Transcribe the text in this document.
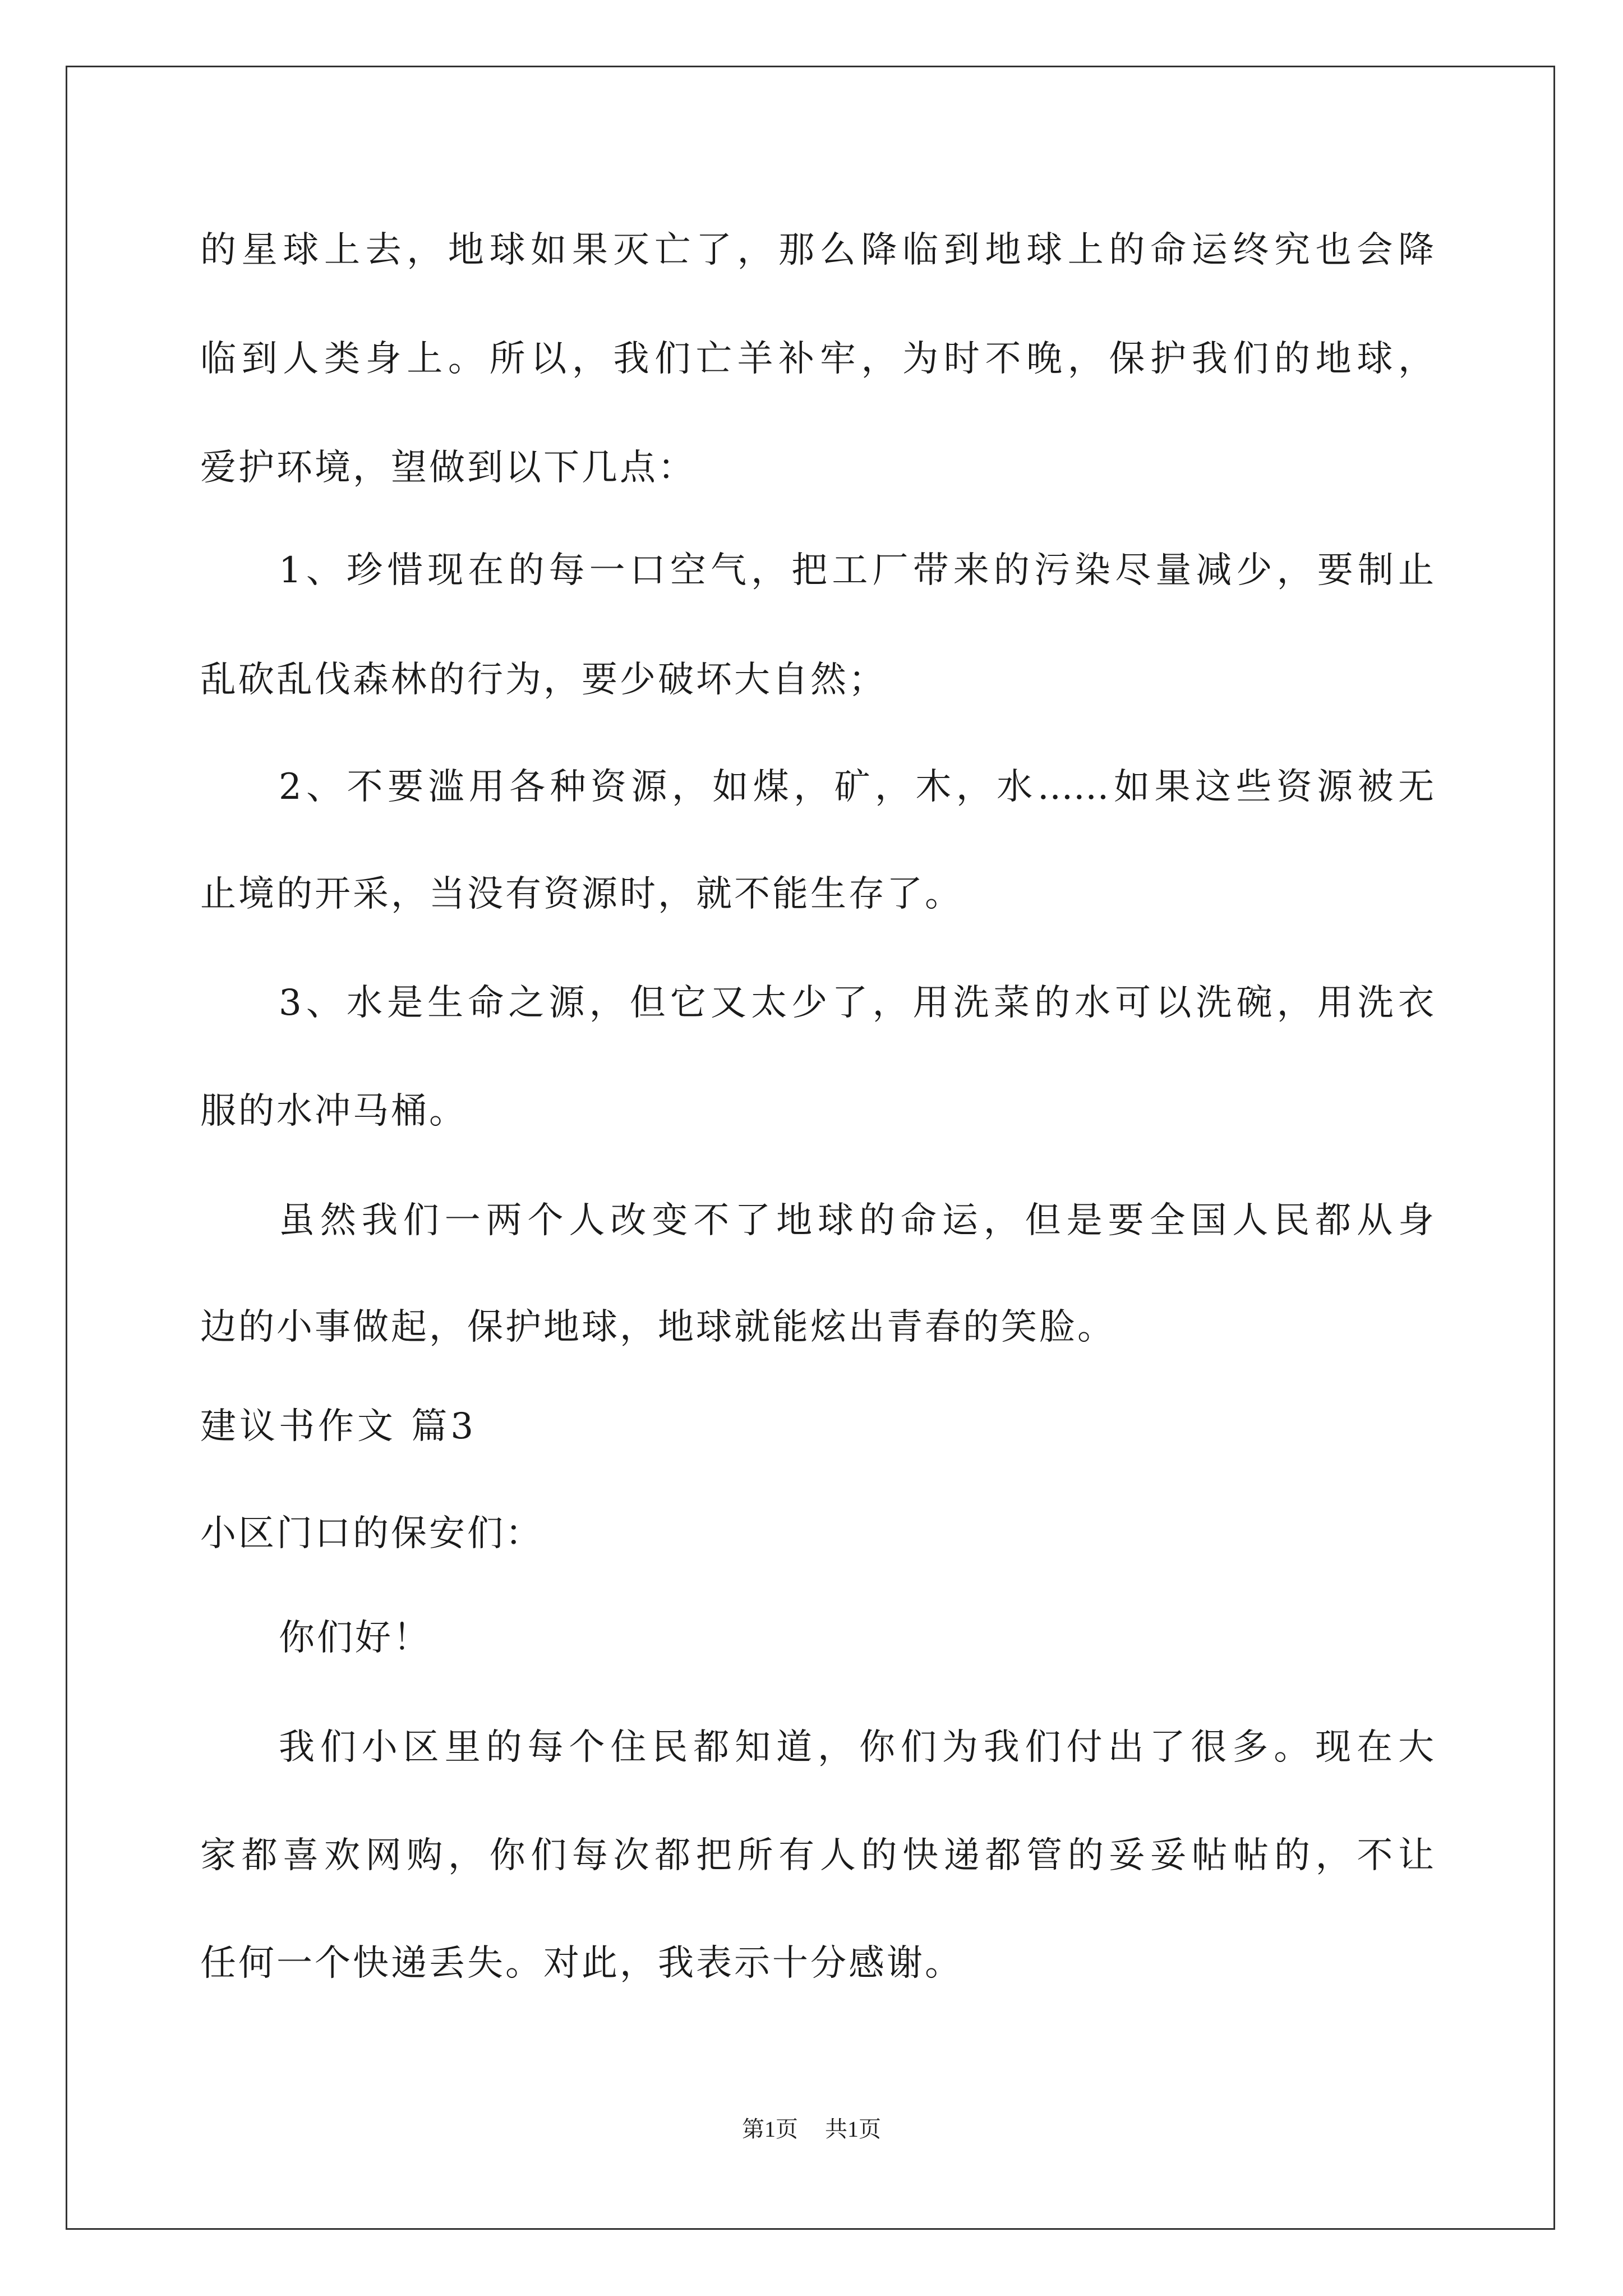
的星球上去，地球如果灭亡了，那么降临到地球上的命运终究也会降
临到人类身上。所以，我们亡羊补牢，为时不晚，保护我们的地球，
爱护环境，望做到以下几点：
1、珍惜现在的每一口空气，把工厂带来的污染尽量减少，要制止
乱砍乱伐森林的行为，要少破坏大自然；
2、不要滥用各种资源，如煤，矿，木，水……如果这些资源被无
止境的开采，当没有资源时，就不能生存了。
3、水是生命之源，但它又太少了，用洗菜的水可以洗碗，用洗衣
服的水冲马桶。
虽然我们一两个人改变不了地球的命运，但是要全国人民都从身
边的小事做起，保护地球，地球就能炫出青春的笑脸。
建议书作文 篇3
小区门口的保安们：
你们好！
我们小区里的每个住民都知道，你们为我们付出了很多。现在大
家都喜欢网购，你们每次都把所有人的快递都管的妥妥帖帖的，不让
任何一个快递丢失。对此，我表示十分感谢。
第1页 共1页
